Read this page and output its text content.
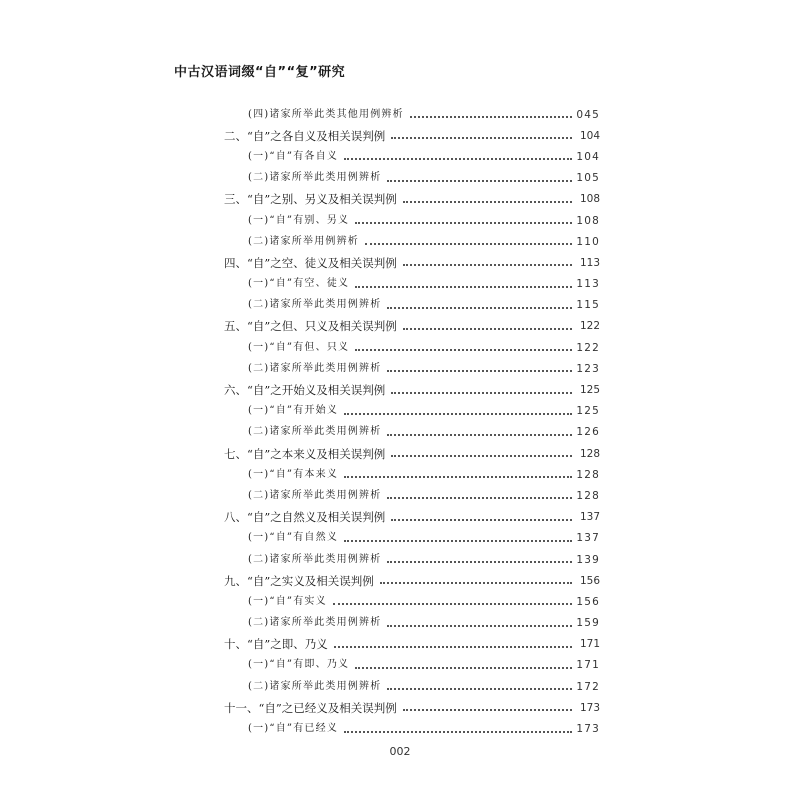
中古汉语词缀“自”“复”研究
(四)诸家所举此类其他用例辨析	045
二、“自”之各自义及相关误判例	104
(一)“自”有各自义	104
(二)诸家所举此类用例辨析	105
三、“自”之别、另义及相关误判例	108
(一)“自”有别、另义	108
(二)诸家所举用例辨析	110
四、“自”之空、徒义及相关误判例	113
(一)“自”有空、徒义	113
(二)诸家所举此类用例辨析	115
五、“自”之但、只义及相关误判例	122
(一)“自”有但、只义	122
(二)诸家所举此类用例辨析	123
六、“自”之开始义及相关误判例	125
(一)“自”有开始义	125
(二)诸家所举此类用例辨析	126
七、“自”之本来义及相关误判例	128
(一)“自”有本来义	128
(二)诸家所举此类用例辨析	128
八、“自”之自然义及相关误判例	137
(一)“自”有自然义	137
(二)诸家所举此类用例辨析	139
九、“自”之实义及相关误判例	156
(一)“自”有实义	156
(二)诸家所举此类用例辨析	159
十、“自”之即、乃义	171
(一)“自”有即、乃义	171
(二)诸家所举此类用例辨析	172
十一、“自”之已经义及相关误判例	173
(一)“自”有已经义	173
002
